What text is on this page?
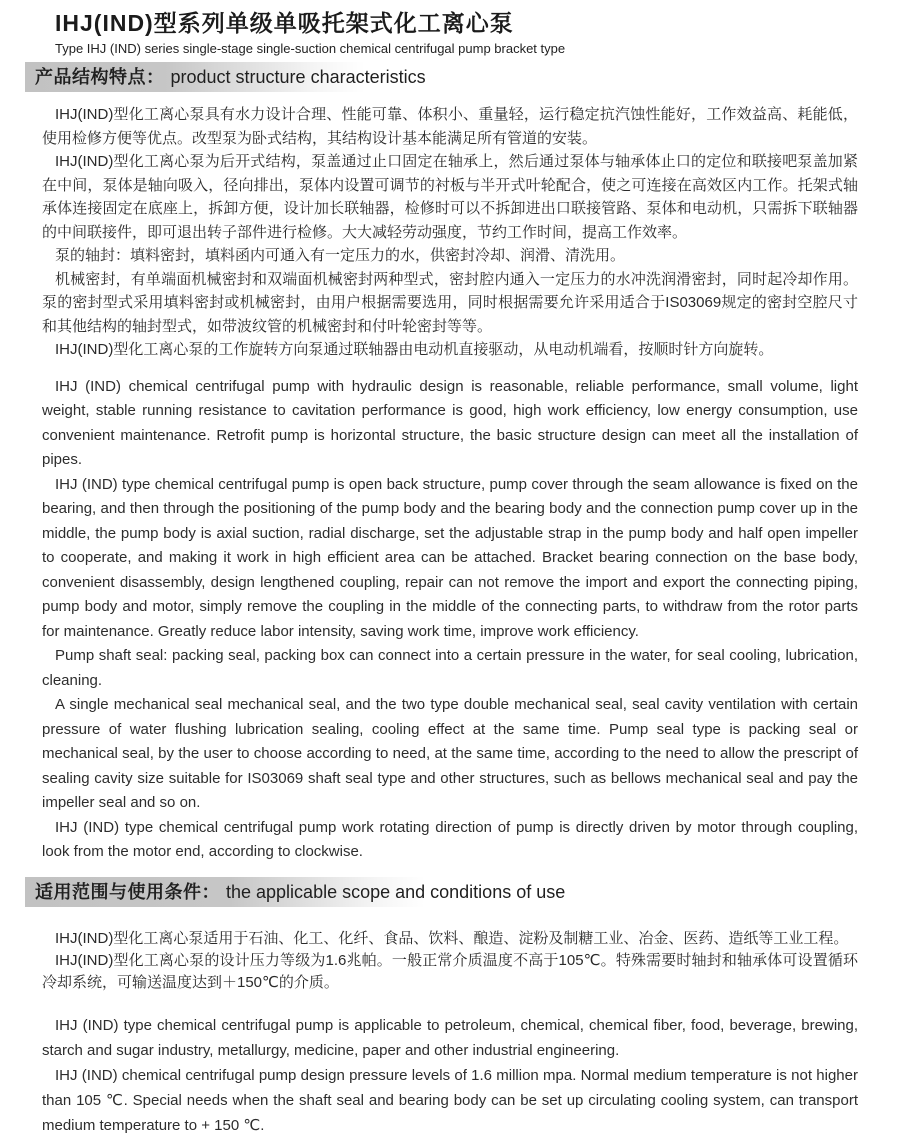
IHJ(IND)型系列单级单吸托架式化工离心泵
Type IHJ (IND) series single-stage single-suction chemical centrifugal pump bracket type
产品结构特点： product structure characteristics

IHJ(IND)型化工离心泵具有水力设计合理、性能可靠、体积小、重量轻，运行稳定抗汽蚀性能好，工作效益高、耗能低，使用检修方便等优点。改型泵为卧式结构，其结构设计基本能满足所有管道的安装。

IHJ(IND)型化工离心泵为后开式结构，泵盖通过止口固定在轴承上，然后通过泵体与轴承体止口的定位和联接吧泵盖加紧在中间，泵体是轴向吸入，径向排出，泵体内设置可调节的衬板与半开式叶轮配合，使之可连接在高效区内工作。托架式轴承体连接固定在底座上，拆卸方便，设计加长联轴器，检修时可以不拆卸进出口联接管路、泵体和电动机，只需拆下联轴器的中间联接件，即可退出转子部件进行检修。大大减轻劳动强度，节约工作时间，提高工作效率。

泵的轴封：填料密封，填料函内可通入有一定压力的水，供密封冷却、润滑、清洗用。

机械密封，有单端面机械密封和双端面机械密封两种型式，密封腔内通入一定压力的水冲洗润滑密封，同时起冷却作用。泵的密封型式采用填料密封或机械密封，由用户根据需要选用，同时根据需要允许采用适合于IS03069规定的密封空腔尺寸和其他结构的轴封型式，如带波纹管的机械密封和付叶轮密封等等。

IHJ(IND)型化工离心泵的工作旋转方向泵通过联轴器由电动机直接驱动，从电动机端看，按顺时针方向旋转。

IHJ (IND) chemical centrifugal pump with hydraulic design is reasonable, reliable performance, small volume, light weight, stable running resistance to cavitation performance is good, high work efficiency, low energy consumption, use convenient maintenance. Retrofit pump is horizontal structure, the basic structure design can meet all the installation of pipes.

IHJ (IND) type chemical centrifugal pump is open back structure, pump cover through the seam allowance is fixed on the bearing, and then through the positioning of the pump body and the bearing body and the connection pump cover up in the middle, the pump body is axial suction, radial discharge, set the adjustable strap in the pump body and half open impeller to cooperate, and making it work in high efficient area can be attached. Bracket bearing connection on the base body, convenient disassembly, design lengthened coupling, repair can not remove the import and export the connecting piping, pump body and motor, simply remove the coupling in the middle of the connecting parts, to withdraw from the rotor parts for maintenance. Greatly reduce labor intensity, saving work time, improve work efficiency.

Pump shaft seal: packing seal, packing box can connect into a certain pressure in the water, for seal cooling, lubrication, cleaning.

A single mechanical seal mechanical seal, and the two type double mechanical seal, seal cavity ventilation with certain pressure of water flushing lubrication sealing, cooling effect at the same time. Pump seal type is packing seal or mechanical seal, by the user to choose according to need, at the same time, according to the need to allow the prescript of sealing cavity size suitable for IS03069 shaft seal type and other structures, such as bellows mechanical seal and pay the impeller seal and so on.

IHJ (IND) type chemical centrifugal pump work rotating direction of pump is directly driven by motor through coupling, look from the motor end, according to clockwise.

适用范围与使用条件： the applicable scope and conditions of use

IHJ(IND)型化工离心泵适用于石油、化工、化纤、食品、饮料、酿造、淀粉及制糖工业、冶金、医药、造纸等工业工程。

IHJ(IND)型化工离心泵的设计压力等级为1.6兆帕。一般正常介质温度不高于105℃。特殊需要时轴封和轴承体可设置循环冷却系统，可输送温度达到＋150℃的介质。

IHJ (IND) type chemical centrifugal pump is applicable to petroleum, chemical, chemical fiber, food, beverage, brewing, starch and sugar industry, metallurgy, medicine, paper and other industrial engineering.

IHJ (IND) chemical centrifugal pump design pressure levels of 1.6 million mpa. Normal medium temperature is not higher than 105 ℃. Special needs when the shaft seal and bearing body can be set up circulating cooling system, can transport medium temperature to + 150 ℃.
